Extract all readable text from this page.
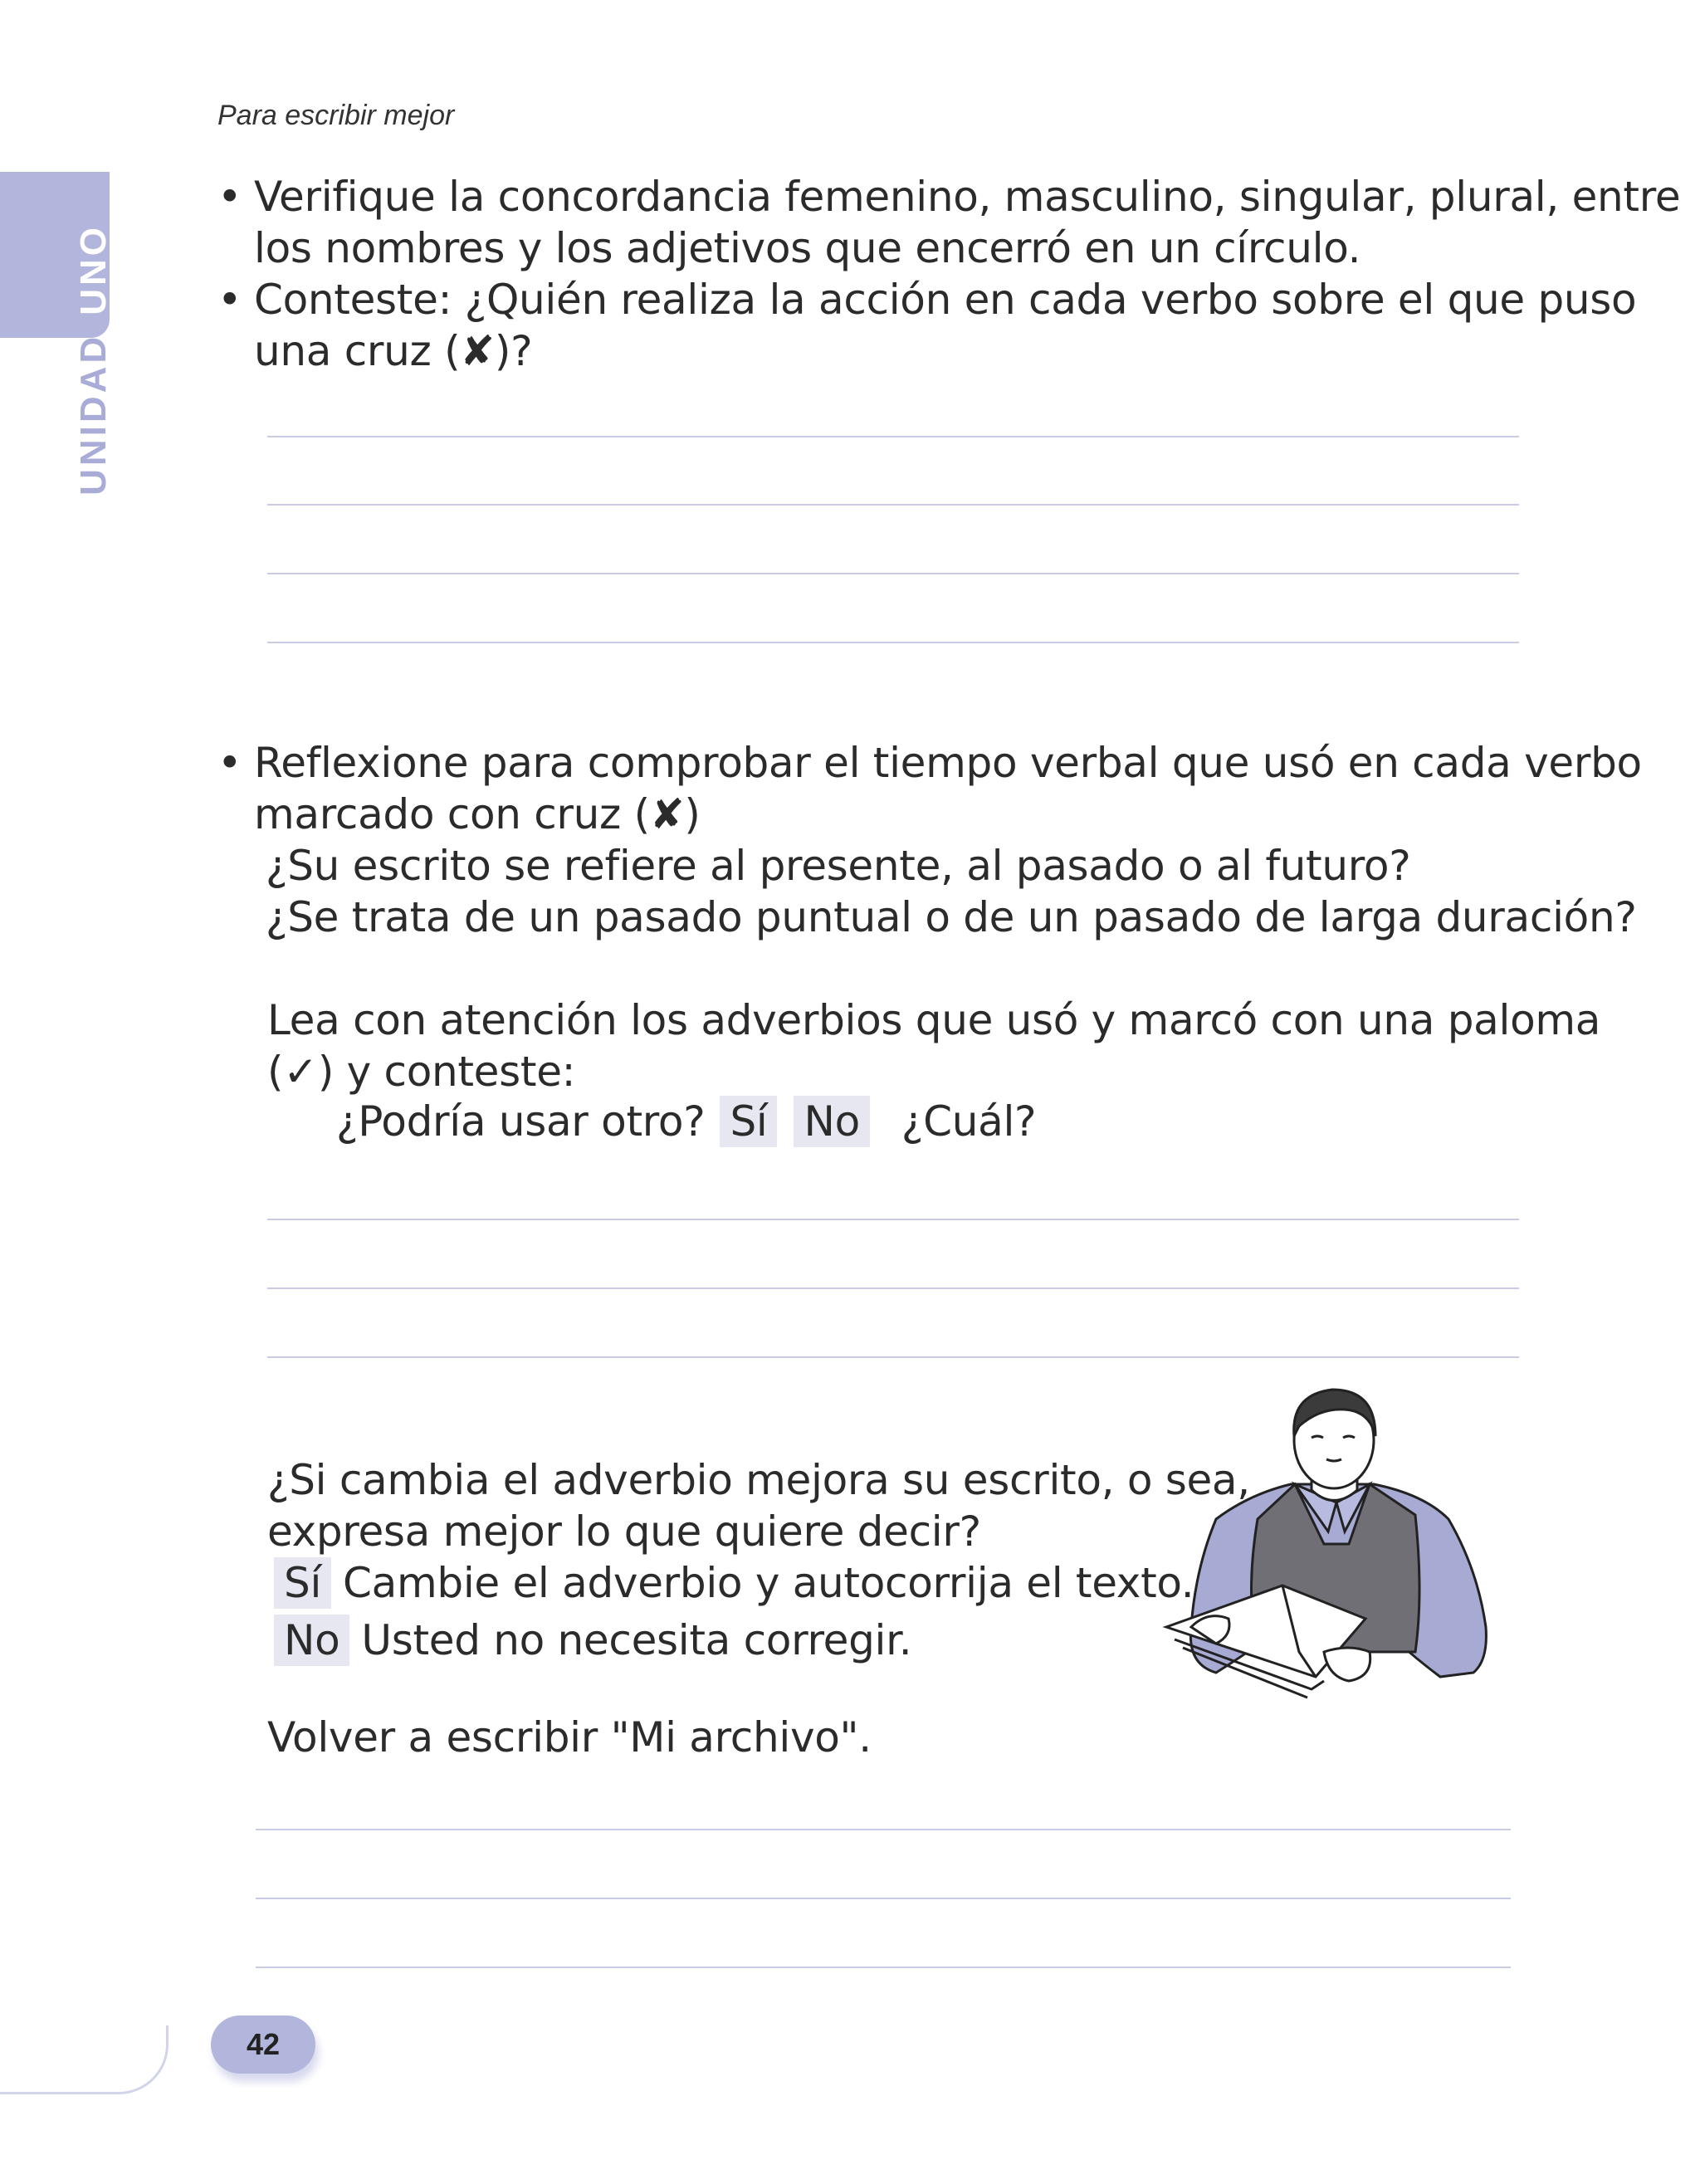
Para escribir mejor
UNIDAD
UNO
• Verifique la concordancia femenino, masculino, singular, plural, entre
los nombres y los adjetivos que encerró en un círculo.
• Conteste: ¿Quién realiza la acción en cada verbo sobre el que puso
una cruz (✘)?
• Reflexione para comprobar el tiempo verbal que usó en cada verbo
marcado con cruz (✘)
¿Su escrito se refiere al presente, al pasado o al futuro?
¿Se trata de un pasado puntual o de un pasado de larga duración?
Lea con atención los adverbios que usó y marcó con una paloma
(✓) y conteste:
¿Podría usar otro? Sí No ¿Cuál?
¿Si cambia el adverbio mejora su escrito, o sea,
expresa mejor lo que quiere decir?
Sí Cambie el adverbio y autocorrija el texto.
No Usted no necesita corregir.
Volver a escribir "Mi archivo".
42
